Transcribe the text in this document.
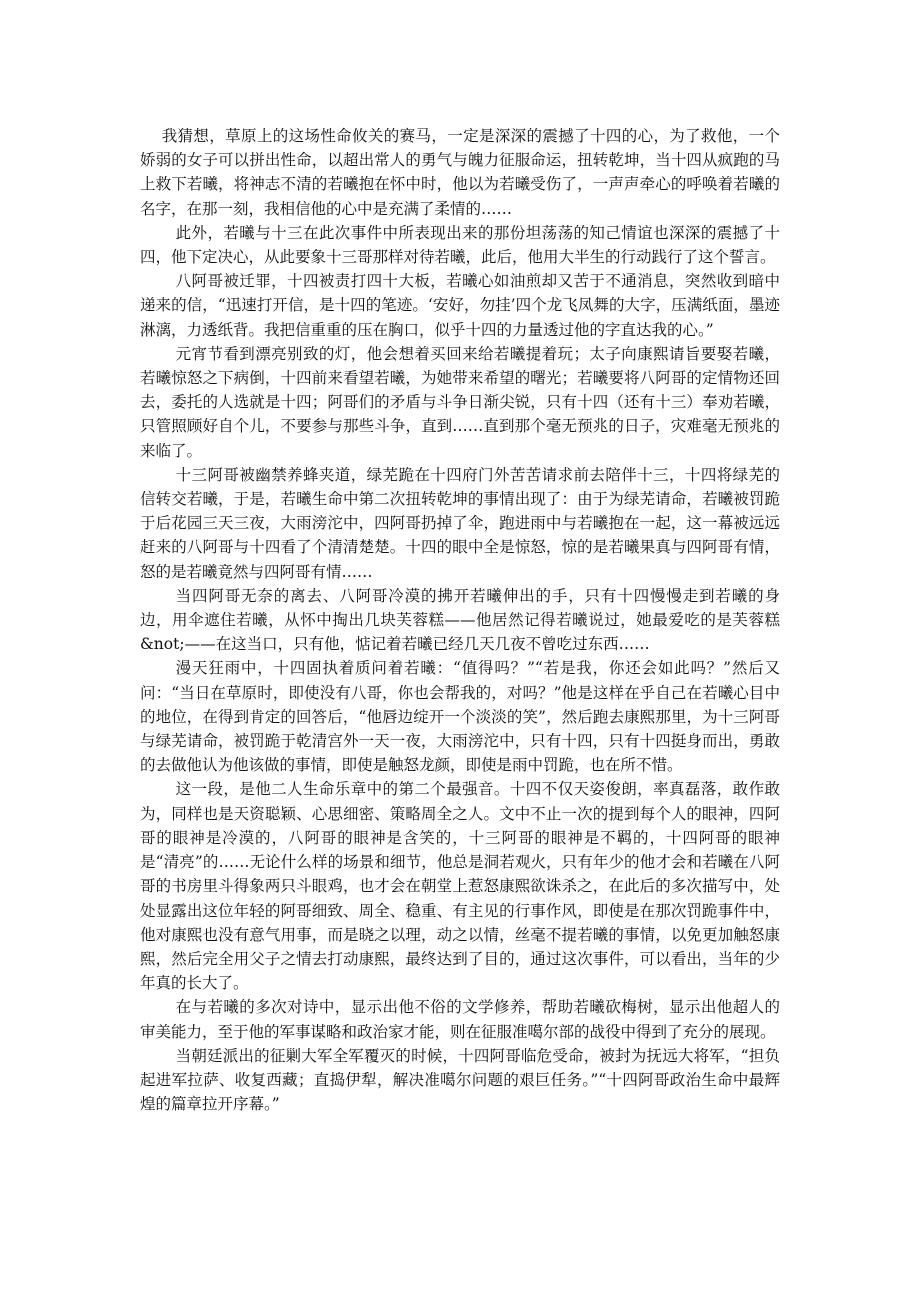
我猜想，草原上的这场性命攸关的赛马，一定是深深的震撼了十四的心，为了救他，一个娇弱的女子可以拼出性命，以超出常人的勇气与魄力征服命运，扭转乾坤，当十四从疯跑的马上救下若曦，将神志不清的若曦抱在怀中时，他以为若曦受伤了，一声声牵心的呼唤着若曦的名字，在那一刻，我相信他的心中是充满了柔情的……

此外，若曦与十三在此次事件中所表现出来的那份坦荡荡的知己情谊也深深的震撼了十四，他下定决心，从此要象十三哥那样对待若曦，此后，他用大半生的行动践行了这个誓言。

八阿哥被迁罪，十四被责打四十大板，若曦心如油煎却又苦于不通消息，突然收到暗中递来的信，“迅速打开信，是十四的笔迹。‘安好，勿挂’四个龙飞凤舞的大字，压满纸面，墨迹淋漓，力透纸背。我把信重重的压在胸口，似乎十四的力量透过他的字直达我的心。”

元宵节看到漂亮别致的灯，他会想着买回来给若曦提着玩；太子向康熙请旨要娶若曦，若曦惊怒之下病倒，十四前来看望若曦，为她带来希望的曙光；若曦要将八阿哥的定情物还回去，委托的人选就是十四；阿哥们的矛盾与斗争日渐尖锐，只有十四（还有十三）奉劝若曦，只管照顾好自个儿，不要参与那些斗争，直到……直到那个毫无预兆的日子，灾难毫无预兆的来临了。

十三阿哥被幽禁养蜂夹道，绿芜跪在十四府门外苦苦请求前去陪伴十三，十四将绿芜的信转交若曦，于是，若曦生命中第二次扭转乾坤的事情出现了：由于为绿芜请命，若曦被罚跪于后花园三天三夜，大雨滂沱中，四阿哥扔掉了伞，跑进雨中与若曦抱在一起，这一幕被远远赶来的八阿哥与十四看了个清清楚楚。十四的眼中全是惊怒，惊的是若曦果真与四阿哥有情，怒的是若曦竟然与四阿哥有情……

当四阿哥无奈的离去、八阿哥冷漠的拂开若曦伸出的手，只有十四慢慢走到若曦的身边，用伞遮住若曦，从怀中掏出几块芙蓉糕——他居然记得若曦说过，她最爱吃的是芙蓉糕&not;——在这当口，只有他，惦记着若曦已经几天几夜不曾吃过东西……

漫天狂雨中，十四固执着质问着若曦：“值得吗？”“若是我，你还会如此吗？”然后又问：“当日在草原时，即使没有八哥，你也会帮我的，对吗？”他是这样在乎自己在若曦心目中的地位，在得到肯定的回答后，“他唇边绽开一个淡淡的笑”，然后跑去康熙那里，为十三阿哥与绿芜请命，被罚跪于乾清宫外一天一夜，大雨滂沱中，只有十四，只有十四挺身而出，勇敢的去做他认为他该做的事情，即使是触怒龙颜，即使是雨中罚跪，也在所不惜。

这一段，是他二人生命乐章中的第二个最强音。十四不仅天姿俊朗，率真磊落，敢作敢为，同样也是天资聪颖、心思细密、策略周全之人。文中不止一次的提到每个人的眼神，四阿哥的眼神是冷漠的，八阿哥的眼神是含笑的，十三阿哥的眼神是不羁的，十四阿哥的眼神是“清亮”的……无论什么样的场景和细节，他总是洞若观火，只有年少的他才会和若曦在八阿哥的书房里斗得象两只斗眼鸡，也才会在朝堂上惹怒康熙欲诛杀之，在此后的多次描写中，处处显露出这位年轻的阿哥细致、周全、稳重、有主见的行事作风，即使是在那次罚跪事件中，他对康熙也没有意气用事，而是晓之以理，动之以情，丝毫不提若曦的事情，以免更加触怒康熙，然后完全用父子之情去打动康熙，最终达到了目的，通过这次事件，可以看出，当年的少年真的长大了。

在与若曦的多次对诗中，显示出他不俗的文学修养，帮助若曦砍梅树，显示出他超人的审美能力，至于他的军事谋略和政治家才能，则在征服准噶尔部的战役中得到了充分的展现。

当朝廷派出的征剿大军全军覆灭的时候，十四阿哥临危受命，被封为抚远大将军，“担负起进军拉萨、收复西藏；直捣伊犁，解决准噶尔问题的艰巨任务。”“十四阿哥政治生命中最辉煌的篇章拉开序幕。”
